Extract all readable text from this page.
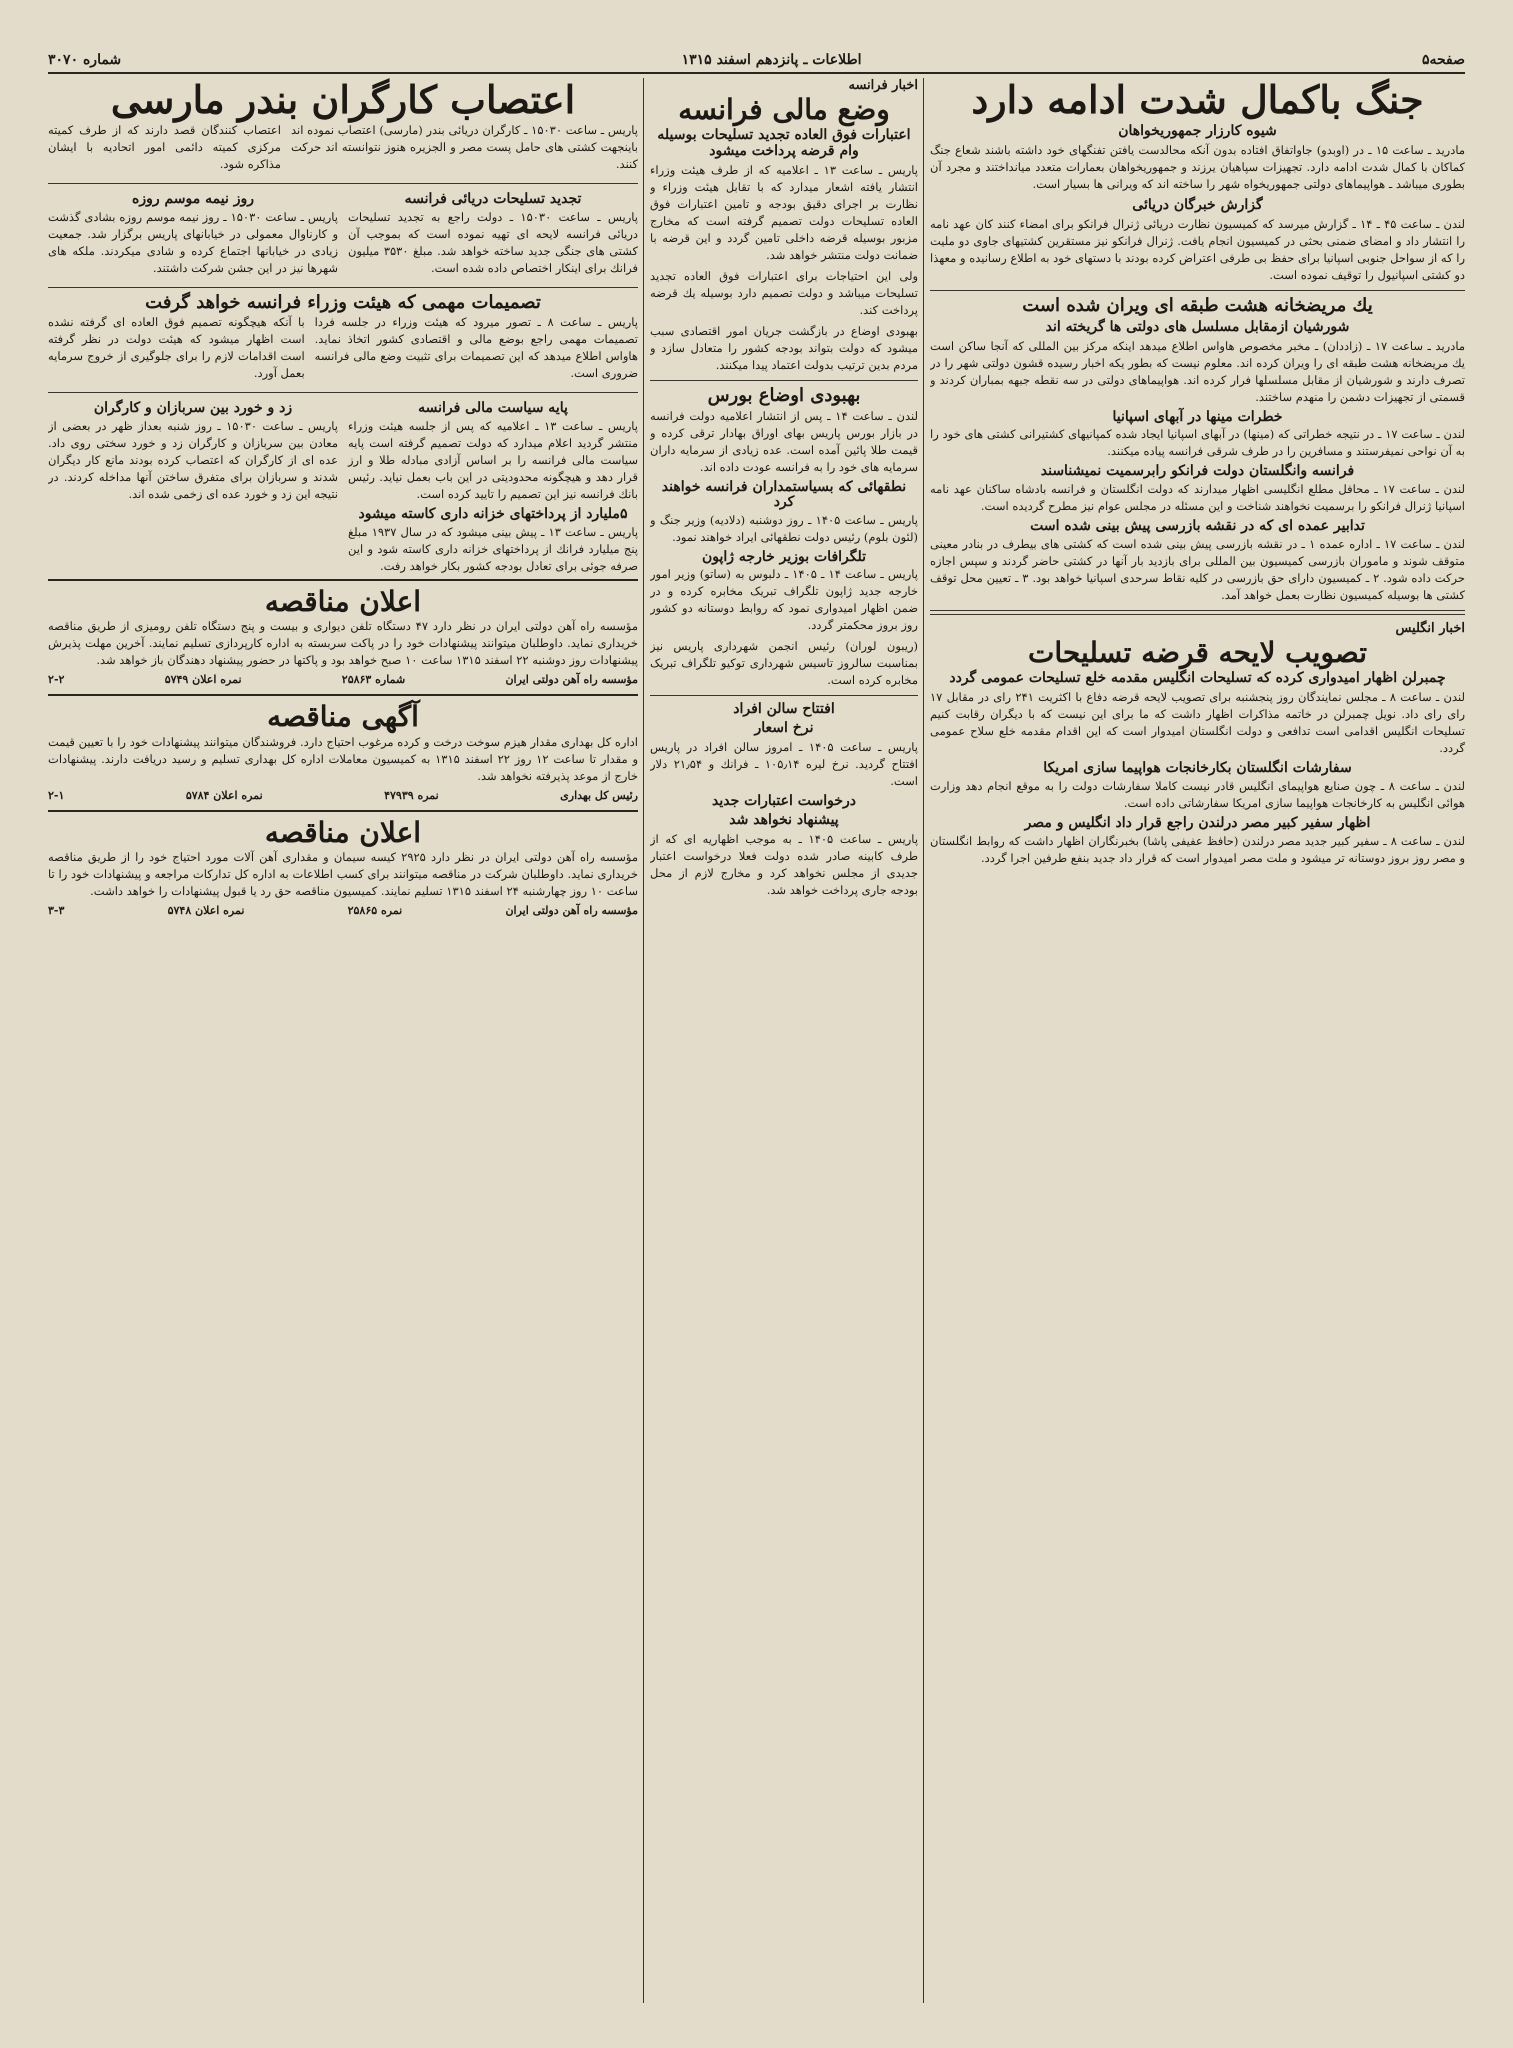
صفحه۵
اطلاعات ـ پانزدهم اسفند ۱۳۱۵
شماره ۳۰۷۰
جنگ باکمال شدت ادامه دارد
شیوه کارزار جمهوریخواهان

مادرید ـ ساعت ۱۵ ـ در (اوبدو) جاواتفاق افتاده بدون آنکه محالدست یافتن تفنگهای خود داشته باشند شعاع جنگ کماکان با کمال شدت ادامه دارد. تجهیزات سپاهیان یرزند و جمهوریخواهان بعمارات متعدد میانداختند و مجرد آن بطوری میباشد ـ هواپیماهای دولتی جمهوریخواه شهر را ساخته اند که ویرانی ها بسیار است.

گزارش خبرگان دریائی

لندن ـ ساعت ۴۵ ـ ۱۴ ـ گزارش میرسد که کمیسیون نظارت دریائی ژنرال فرانکو برای امضاء کنند کان عهد نامه را انتشار داد و امضای ضمنی بحثی در کمیسیون انجام یافت. ژنرال فرانکو نیز مستقرین کشتیهای جاوی دو ملیت را که از سواحل جنوبی اسپانیا برای حفظ بی طرفی اعتراض کرده بودند با دستهای خود به اطلاع رسانیده و معهذا دو کشتی اسپانیول را توقیف نموده است.

یك مریضخانه هشت طبقه ای ویران شده است
شورشیان ازمقابل مسلسل های دولتی ها گریخته اند

مادرید ـ ساعت ۱۷ ـ (زاددان) ـ مخبر مخصوص هاواس اطلاع میدهد اینکه مرکز بین المللی که آنجا ساکن است یك مریضخانه هشت طبقه ای را ویران کرده اند. معلوم نیست که بطور یکه اخبار رسیده قشون دولتی شهر را در تصرف دارند و شورشیان از مقابل مسلسلها فرار کرده اند. هواپیماهای دولتی در سه نقطه جبهه بمباران کردند و قسمتی از تجهیزات دشمن را منهدم ساختند.

خطرات مینها در آبهای اسپانیا

لندن ـ ساعت ۱۷ ـ در نتیجه خطراتی که (مینها) در آبهای اسپانیا ایجاد شده کمپانیهای کشتیرانی کشتی های خود را به آن نواحی نمیفرستند و مسافرین را در طرف شرقی فرانسه پیاده میکنند.

فرانسه وانگلستان دولت فرانکو رابرسمیت نمیشناسند

لندن ـ ساعت ۱۷ ـ محافل مطلع انگلیسی اظهار میدارند که دولت انگلستان و فرانسه بادشاه ساکنان عهد نامه اسپانیا ژنرال فرانکو را برسمیت نخواهند شناخت و این مسئله در مجلس عوام نیز مطرح گردیده است.

تدابیر عمده ای که در نقشه بازرسی پیش بینی شده است

لندن ـ ساعت ۱۷ ـ اداره عمده ۱ ـ در نقشه بازرسی پیش بینی شده است که کشتی های بیطرف در بنادر معینی متوقف شوند و ماموران بازرسی کمیسیون بین المللی برای بازدید بار آنها در کشتی حاضر گردند و سپس اجازه حرکت داده شود. ۲ ـ کمیسیون دارای حق بازرسی در کلیه نقاط سرحدی اسپانیا خواهد بود. ۳ ـ تعیین محل توقف کشتی ها بوسیله کمیسیون نظارت بعمل خواهد آمد.

اخبار انگلیس
تصویب لایحه قرضه تسلیحات
چمبرلن اظهار امیدواری کرده که تسلیحات انگلیس مقدمه خلع تسلیحات عمومی گردد

لندن ـ ساعت ۸ ـ مجلس نمایندگان روز پنجشنبه برای تصویب لایحه قرضه دفاع با اکثریت ۲۴۱ رای در مقابل ۱۷ رای رای داد. نویل چمبرلن در خاتمه مذاکرات اظهار داشت که ما برای این نیست که با دیگران رقابت کنیم تسلیحات انگلیس اقدامی است تدافعی و دولت انگلستان امیدوار است که این اقدام مقدمه خلع سلاح عمومی گردد.

سفارشات انگلستان بکارخانجات هواپیما سازی امریکا

لندن ـ ساعت ۸ ـ چون صنایع هواپیمای انگلیس قادر نیست کاملا سفارشات دولت را به موقع انجام دهد وزارت هوائی انگلیس به کارخانجات هواپیما سازی امریکا سفارشاتی داده است.

اظهار سفیر کبیر مصر درلندن راجع قرار داد انگلیس و مصر

لندن ـ ساعت ۸ ـ سفیر کبیر جدید مصر درلندن (حافظ عفیفی پاشا) بخبرنگاران اظهار داشت که روابط انگلستان و مصر روز بروز دوستانه تر میشود و ملت مصر امیدوار است که قرار داد جدید بنفع طرفین اجرا گردد.

اخبار فرانسه
وضع مالی فرانسه
اعتبارات فوق العاده تجدید تسلیحات بوسیله وام قرضه پرداخت میشود

پاریس ـ ساعت ۱۳ ـ اعلامیه که از طرف هیئت وزراء انتشار یافته اشعار میدارد که با تقابل هیئت وزراء و نظارت بر اجرای دقیق بودجه و تامین اعتبارات فوق العاده تسلیحات دولت تصمیم گرفته است که مخارج مزبور بوسیله قرضه داخلی تامین گردد و این قرضه با ضمانت دولت منتشر خواهد شد.

ولی این احتیاجات برای اعتبارات فوق العاده تجدید تسلیحات میباشد و دولت تصمیم دارد بوسیله یك قرضه پرداخت کند.

بهبودی اوضاع در بازگشت جریان امور اقتصادی سبب میشود که دولت بتواند بودجه کشور را متعادل سازد و مردم بدین ترتیب بدولت اعتماد پیدا میکنند.

بهبودی اوضاع بورس

لندن ـ ساعت ۱۴ ـ پس از انتشار اعلامیه دولت فرانسه در بازار بورس پاریس بهای اوراق بهادار ترقی کرده و قیمت طلا پائین آمده است. عده زیادی از سرمایه داران سرمایه های خود را به فرانسه عودت داده اند.

نطقهائی که بسیاستمداران فرانسه خواهند کرد

پاریس ـ ساعت ۱۴۰۵ ـ روز دوشنبه (دلادیه) وزیر جنگ و (لئون بلوم) رئیس دولت نطقهائی ایراد خواهند نمود.

تلگرافات بوزیر خارجه ژاپون

پاریس ـ ساعت ۱۴ ـ ۱۴۰۵ ـ دلبوس به (ساتو) وزیر امور خارجه جدید ژاپون تلگراف تبریک مخابره کرده و در ضمن اظهار امیدواری نمود که روابط دوستانه دو کشور روز بروز محکمتر گردد.

(ریبون لوران) رئیس انجمن شهرداری پاریس نیز بمناسبت سالروز تاسیس شهرداری توکیو تلگراف تبریک مخابره کرده است.

افتتاح سالن افراد
نرخ اسعار

پاریس ـ ساعت ۱۴۰۵ ـ امروز سالن افراد در پاریس افتتاح گردید. نرخ لیره ۱۰۵٫۱۴ ـ فرانك و ۲۱٫۵۴ دلار است.

درخواست اعتبارات جدید
پیشنهاد نخواهد شد

پاریس ـ ساعت ۱۴۰۵ ـ به موجب اظهاریه ای که از طرف کابینه صادر شده دولت فعلا درخواست اعتبار جدیدی از مجلس نخواهد کرد و مخارج لازم از محل بودجه جاری پرداخت خواهد شد.

اعتصاب کارگران بندر مارسی

پاریس ـ ساعت ۱۵۰۳۰ ـ کارگران دریائی بندر (مارسی) اعتصاب نموده اند باینجهت کشتی های حامل پست مصر و الجزیره هنوز نتوانسته اند حرکت کنند.

اعتصاب کنندگان قصد دارند که از طرف کمیته مرکزی کمیته دائمی امور اتحادیه با ایشان مذاکره شود.

تجدید تسلیحات دریائی فرانسه

پاریس ـ ساعت ۱۵۰۳۰ ـ دولت راجع به تجدید تسلیحات دریائی فرانسه لایحه ای تهیه نموده است که بموجب آن کشتی های جنگی جدید ساخته خواهد شد. مبلغ ۳۵۳۰ میلیون فرانك برای اینکار اختصاص داده شده است.

روز نیمه موسم روزه

پاریس ـ ساعت ۱۵۰۳۰ ـ روز نیمه موسم روزه بشادی گذشت و کارناوال معمولی در خیابانهای پاریس برگزار شد. جمعیت زیادی در خیابانها اجتماع کرده و شادی میکردند. ملکه های شهرها نیز در این جشن شرکت داشتند.

تصمیمات مهمی که هیئت وزراء فرانسه خواهد گرفت

پاریس ـ ساعت ۸ ـ تصور میرود که هیئت وزراء در جلسه فردا تصمیمات مهمی راجع بوضع مالی و اقتصادی کشور اتخاذ نماید. هاواس اطلاع میدهد که این تصمیمات برای تثبیت وضع مالی فرانسه ضروری است.

با آنکه هیچگونه تصمیم فوق العاده ای گرفته نشده است اظهار میشود که هیئت دولت در نظر گرفته است اقدامات لازم را برای جلوگیری از خروج سرمایه بعمل آورد.

پایه سیاست مالی فرانسه

پاریس ـ ساعت ۱۳ ـ اعلامیه که پس از جلسه هیئت وزراء منتشر گردید اعلام میدارد که دولت تصمیم گرفته است پایه سیاست مالی فرانسه را بر اساس آزادی مبادله طلا و ارز قرار دهد و هیچگونه محدودیتی در این باب بعمل نیاید. رئیس بانك فرانسه نیز این تصمیم را تایید کرده است.

۵ملیارد از پرداختهای خزانه داری کاسته میشود

پاریس ـ ساعت ۱۳ ـ پیش بینی میشود که در سال ۱۹۳۷ مبلغ پنج میلیارد فرانك از پرداختهای خزانه داری کاسته شود و این صرفه جوئی برای تعادل بودجه کشور بکار خواهد رفت.

زد و خورد بین سربازان و کارگران

پاریس ـ ساعت ۱۵۰۳۰ ـ روز شنبه بعداز ظهر در بعضی از معادن بین سربازان و کارگران زد و خورد سختی روی داد. عده ای از کارگران که اعتصاب کرده بودند مانع کار دیگران شدند و سربازان برای متفرق ساختن آنها مداخله کردند. در نتیجه این زد و خورد عده ای زخمی شده اند.

اعلان مناقصه

مؤسسه راه آهن دولتی ایران در نظر دارد ۴۷ دستگاه تلفن دیواری و بیست و پنج دستگاه تلفن رومیزی از طریق مناقصه خریداری نماید. داوطلبان میتوانند پیشنهادات خود را در پاکت سربسته به اداره کارپردازی تسلیم نمایند. آخرین مهلت پذیرش پیشنهادات روز دوشنبه ۲۲ اسفند ۱۳۱۵ ساعت ۱۰ صبح خواهد بود و پاکتها در حضور پیشنهاد دهندگان باز خواهد شد.

مؤسسه راه آهن دولتی ایران
شماره ۲۵۸۶۳
نمره اعلان ۵۷۴۹
۲-۲
آگهی مناقصه

اداره کل بهداری مقدار هیزم سوخت درخت و کرده مرغوب احتیاج دارد. فروشندگان میتوانند پیشنهادات خود را با تعیین قیمت و مقدار تا ساعت ۱۲ روز ۲۲ اسفند ۱۳۱۵ به کمیسیون معاملات اداره کل بهداری تسلیم و رسید دریافت دارند. پیشنهادات خارج از موعد پذیرفته نخواهد شد.

رئیس کل بهداری
نمره ۴۷۹۳۹
نمره اعلان ۵۷۸۴
۲-۱
اعلان مناقصه

مؤسسه راه آهن دولتی ایران در نظر دارد ۲۹۲۵ کیسه سیمان و مقداری آهن آلات مورد احتیاج خود را از طریق مناقصه خریداری نماید. داوطلبان شرکت در مناقصه میتوانند برای کسب اطلاعات به اداره کل تدارکات مراجعه و پیشنهادات خود را تا ساعت ۱۰ روز چهارشنبه ۲۴ اسفند ۱۳۱۵ تسلیم نمایند. کمیسیون مناقصه حق رد یا قبول پیشنهادات را خواهد داشت.

مؤسسه راه آهن دولتی ایران
نمره ۲۵۸۶۵
نمره اعلان ۵۷۴۸
۳-۳
